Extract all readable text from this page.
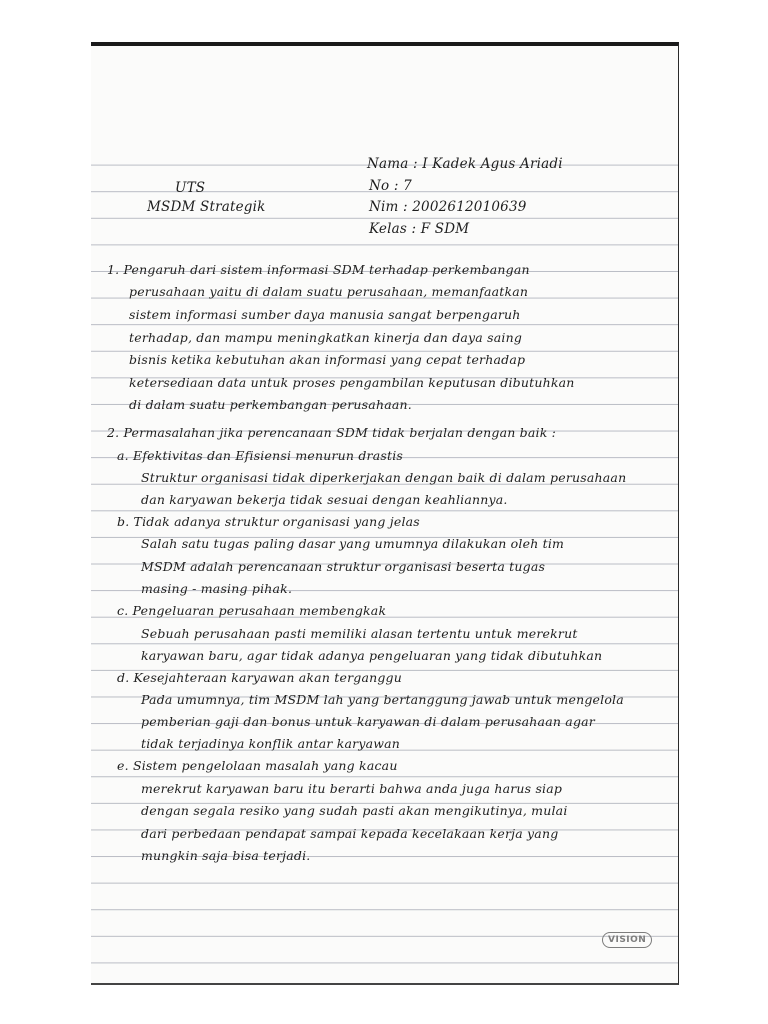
Nama : I Kadek Agus Ariadi
No : 7
Nim : 2002612010639
Kelas : F SDM
UTS
MSDM Strategik
1. Pengaruh dari sistem informasi SDM terhadap perkembangan
perusahaan yaitu di dalam suatu perusahaan, memanfaatkan
sistem informasi sumber daya manusia sangat berpengaruh
terhadap, dan mampu meningkatkan kinerja dan daya saing
bisnis ketika kebutuhan akan informasi yang cepat terhadap
ketersediaan data untuk proses pengambilan keputusan dibutuhkan
di dalam suatu perkembangan perusahaan.
2. Permasalahan jika perencanaan SDM tidak berjalan dengan baik :
a. Efektivitas dan Efisiensi menurun drastis
Struktur organisasi tidak diperkerjakan dengan baik di dalam perusahaan
dan karyawan bekerja tidak sesuai dengan keahliannya.
b. Tidak adanya struktur organisasi yang jelas
Salah satu tugas paling dasar yang umumnya dilakukan oleh tim
MSDM adalah perencanaan struktur organisasi beserta tugas
masing - masing pihak.
c. Pengeluaran perusahaan membengkak
Sebuah perusahaan pasti memiliki alasan tertentu untuk merekrut
karyawan baru, agar tidak adanya pengeluaran yang tidak dibutuhkan
d. Kesejahteraan karyawan akan terganggu
Pada umumnya, tim MSDM lah yang bertanggung jawab untuk mengelola
pemberian gaji dan bonus untuk karyawan di dalam perusahaan agar
tidak terjadinya konflik antar karyawan
e. Sistem pengelolaan masalah yang kacau
merekrut karyawan baru itu berarti bahwa anda juga harus siap
dengan segala resiko yang sudah pasti akan mengikutinya, mulai
dari perbedaan pendapat sampai kepada kecelakaan kerja yang
mungkin saja bisa terjadi.
VISION
